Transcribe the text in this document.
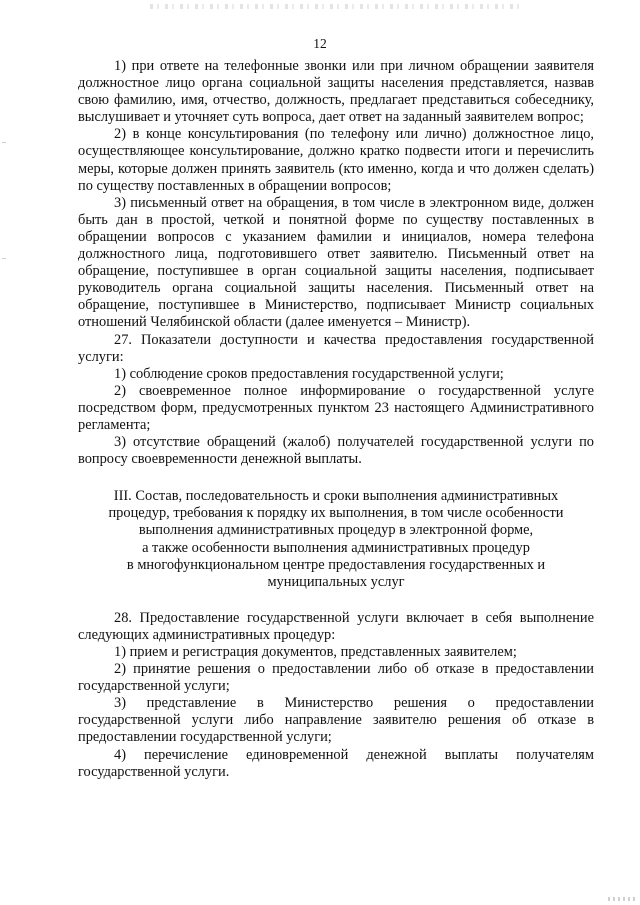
12

1) при ответе на телефонные звонки или при личном обращении заявителя должностное лицо органа социальной защиты населения представляется, назвав свою фамилию, имя, отчество, должность, предлагает представиться собеседнику, выслушивает и уточняет суть вопроса, дает ответ на заданный заявителем вопрос;

2) в конце консультирования (по телефону или лично) должностное лицо, осуществляющее консультирование, должно кратко подвести итоги и перечислить меры, которые должен принять заявитель (кто именно, когда и что должен сделать) по существу поставленных в обращении вопросов;

3) письменный ответ на обращения, в том числе в электронном виде, должен быть дан в простой, четкой и понятной форме по существу поставленных в обращении вопросов с указанием фамилии и инициалов, номера телефона должностного лица, подготовившего ответ заявителю. Письменный ответ на обращение, поступившее в орган социальной защиты населения, подписывает руководитель органа социальной защиты населения. Письменный ответ на обращение, поступившее в Министерство, подписывает Министр социальных отношений Челябинской области (далее именуется – Министр).

27. Показатели доступности и качества предоставления государственной услуги:

1) соблюдение сроков предоставления государственной услуги;

2) своевременное полное информирование о государственной услуге посредством форм, предусмотренных пунктом 23 настоящего Административного регламента;

3) отсутствие обращений (жалоб) получателей государственной услуги по вопросу своевременности денежной выплаты.

III. Состав, последовательность и сроки выполнения административных
процедур, требования к порядку их выполнения, в том числе особенности
выполнения административных процедур в электронной форме,
а также особенности выполнения административных процедур
в многофункциональном центре предоставления государственных и
муниципальных услуг

28. Предоставление государственной услуги включает в себя выполнение следующих административных процедур:

1) прием и регистрация документов, представленных заявителем;

2) принятие решения о предоставлении либо об отказе в предоставлении государственной услуги;

3) представление в Министерство решения о предоставлении государственной услуги либо направление заявителю решения об отказе в предоставлении государственной услуги;

4) перечисление единовременной денежной выплаты получателям государственной услуги.
